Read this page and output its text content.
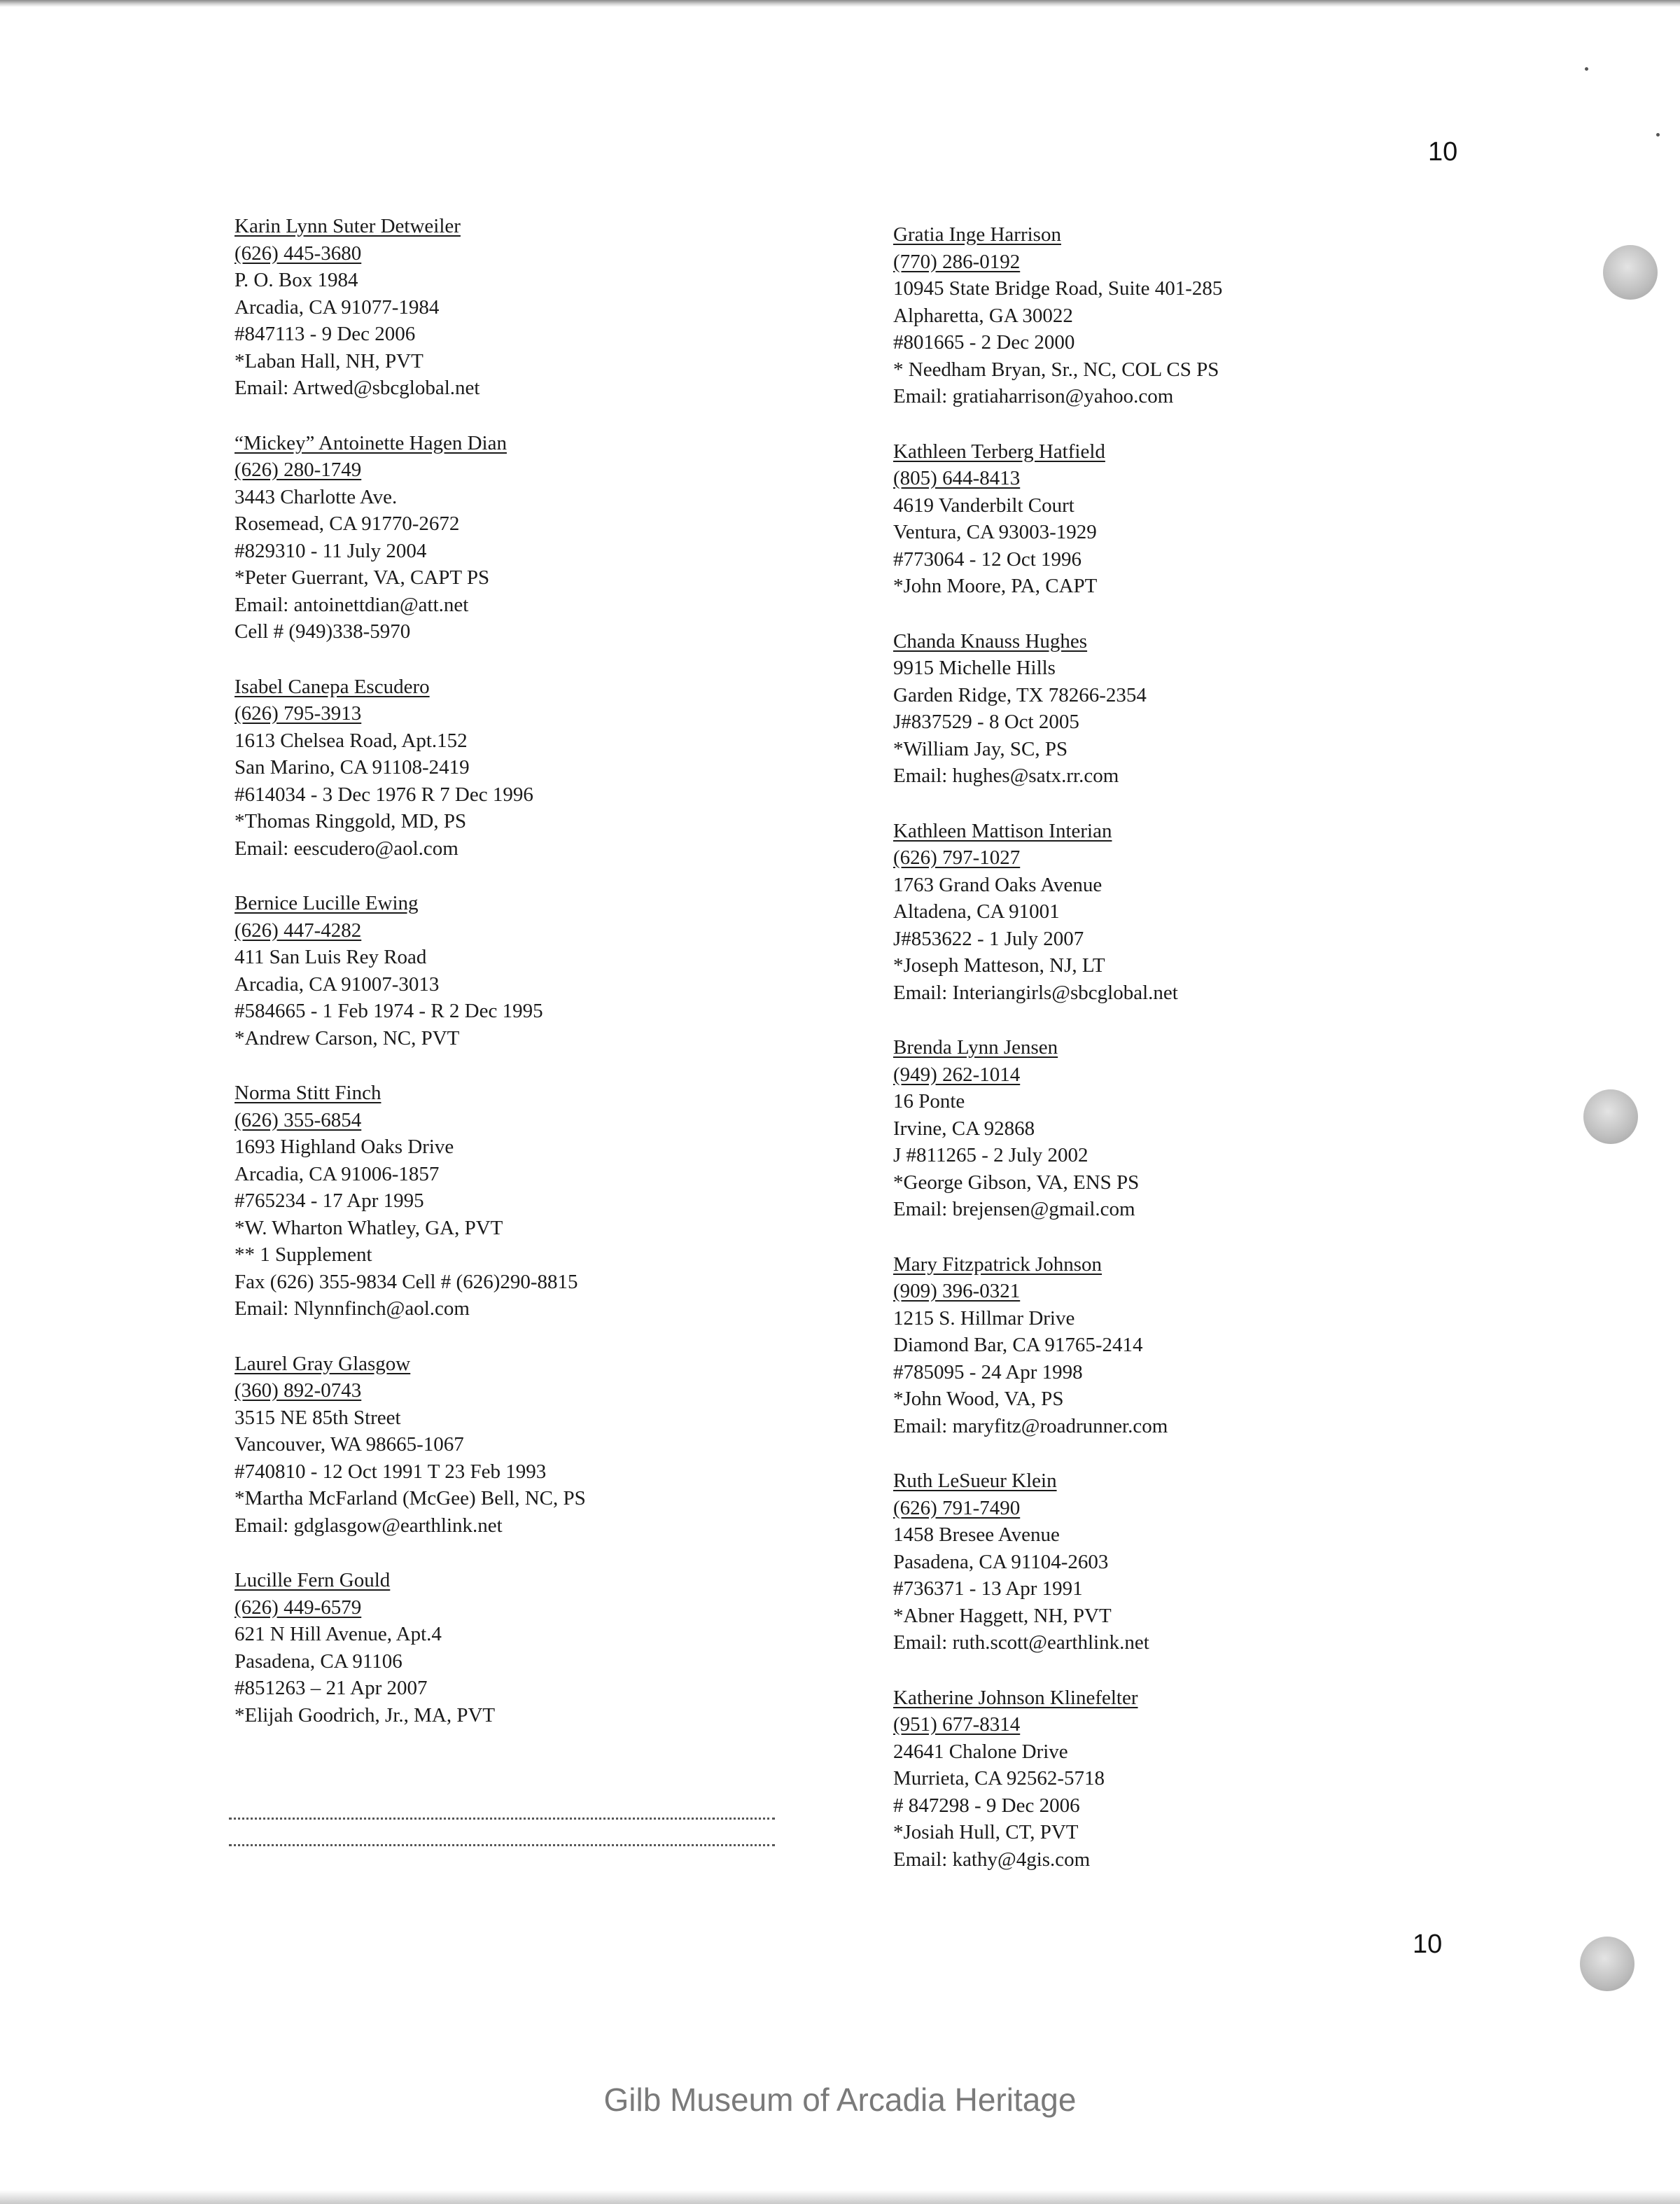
10
Karin Lynn Suter Detweiler
(626) 445-3680
P. O. Box 1984
Arcadia, CA 91077-1984
#847113 - 9 Dec 2006
*Laban Hall, NH, PVT
Email: Artwed@sbcglobal.net
“Mickey” Antoinette Hagen Dian
(626) 280-1749
3443 Charlotte Ave.
Rosemead, CA 91770-2672
#829310 - 11 July 2004
*Peter Guerrant, VA, CAPT PS
Email: antoinettdian@att.net
Cell # (949)338-5970
Isabel Canepa Escudero
(626) 795-3913
1613 Chelsea Road, Apt.152
San Marino, CA 91108-2419
#614034 - 3 Dec 1976 R 7 Dec 1996
*Thomas Ringgold, MD, PS
Email: eescudero@aol.com
Bernice Lucille Ewing
(626) 447-4282
411 San Luis Rey Road
Arcadia, CA 91007-3013
#584665 - 1 Feb 1974 - R 2 Dec 1995
*Andrew Carson, NC, PVT
Norma Stitt Finch
(626) 355-6854
1693 Highland Oaks Drive
Arcadia, CA 91006-1857
#765234 - 17 Apr 1995
*W. Wharton Whatley, GA, PVT
** 1 Supplement
Fax (626) 355-9834 Cell # (626)290-8815
Email: Nlynnfinch@aol.com
Laurel Gray Glasgow
(360) 892-0743
3515 NE 85th Street
Vancouver, WA 98665-1067
#740810 - 12 Oct 1991 T 23 Feb 1993
*Martha McFarland (McGee) Bell, NC, PS
Email: gdglasgow@earthlink.net
Lucille Fern Gould
(626) 449-6579
621 N Hill Avenue, Apt.4
Pasadena, CA 91106
#851263 – 21 Apr 2007
*Elijah Goodrich, Jr., MA, PVT
Gratia Inge Harrison
(770) 286-0192
10945 State Bridge Road, Suite 401-285
Alpharetta, GA 30022
#801665 - 2 Dec 2000
* Needham Bryan, Sr., NC, COL CS PS
Email: gratiaharrison@yahoo.com
Kathleen Terberg Hatfield
(805) 644-8413
4619 Vanderbilt Court
Ventura, CA 93003-1929
#773064 - 12 Oct 1996
*John Moore, PA, CAPT
Chanda Knauss Hughes
9915 Michelle Hills
Garden Ridge, TX 78266-2354
J#837529 - 8 Oct 2005
*William Jay, SC, PS
Email: hughes@satx.rr.com
Kathleen Mattison Interian
(626) 797-1027
1763 Grand Oaks Avenue
Altadena, CA 91001
J#853622 - 1 July 2007
*Joseph Matteson, NJ, LT
Email: Interiangirls@sbcglobal.net
Brenda Lynn Jensen
(949) 262-1014
16 Ponte
Irvine, CA 92868
J #811265 - 2 July 2002
*George Gibson, VA, ENS PS
Email: brejensen@gmail.com
Mary Fitzpatrick Johnson
(909) 396-0321
1215 S. Hillmar Drive
Diamond Bar, CA 91765-2414
#785095 - 24 Apr 1998
*John Wood, VA, PS
Email: maryfitz@roadrunner.com
Ruth LeSueur Klein
(626) 791-7490
1458 Bresee Avenue
Pasadena, CA 91104-2603
#736371 - 13 Apr 1991
*Abner Haggett, NH, PVT
Email: ruth.scott@earthlink.net
Katherine Johnson Klinefelter
(951) 677-8314
24641 Chalone Drive
Murrieta, CA 92562-5718
# 847298 - 9 Dec 2006
*Josiah Hull, CT, PVT
Email: kathy@4gis.com
10
Gilb Museum of Arcadia Heritage
